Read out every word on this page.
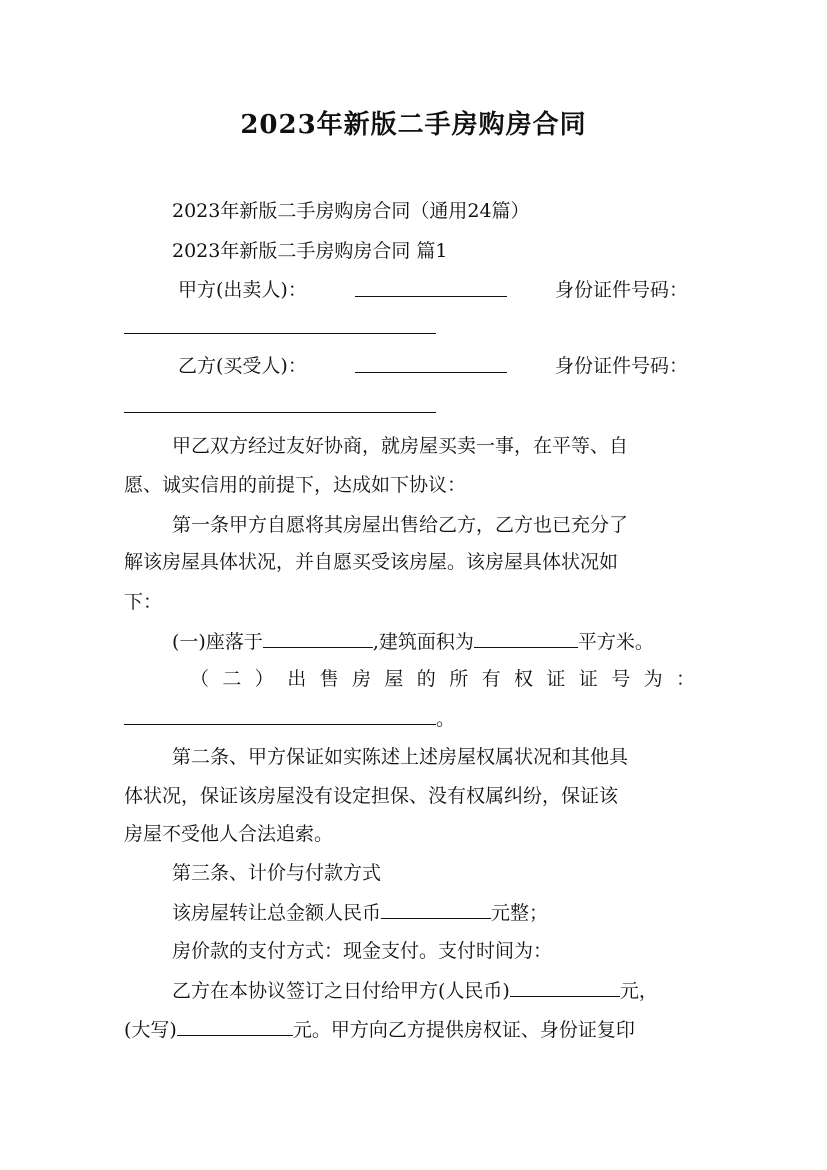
2023年新版二手房购房合同
2023年新版二手房购房合同（通用24篇）
2023年新版二手房购房合同 篇1
甲方(出卖人)：	身份证件号码：
乙方(买受人)：	身份证件号码：
甲乙双方经过友好协商，就房屋买卖一事，在平等、自
愿、诚实信用的前提下，达成如下协议：
第一条甲方自愿将其房屋出售给乙方，乙方也已充分了
解该房屋具体状况，并自愿买受该房屋。该房屋具体状况如
下：
(一)座落于	,建筑面积为	平方米。
（二）出售房屋的所有权证证号为：
。
第二条、甲方保证如实陈述上述房屋权属状况和其他具
体状况，保证该房屋没有设定担保、没有权属纠纷，保证该
房屋不受他人合法追索。
第三条、计价与付款方式
该房屋转让总金额人民币	元整；
房价款的支付方式：现金支付。支付时间为：
乙方在本协议签订之日付给甲方(人民币)	元，
(大写)	元。甲方向乙方提供房权证、身份证复印
